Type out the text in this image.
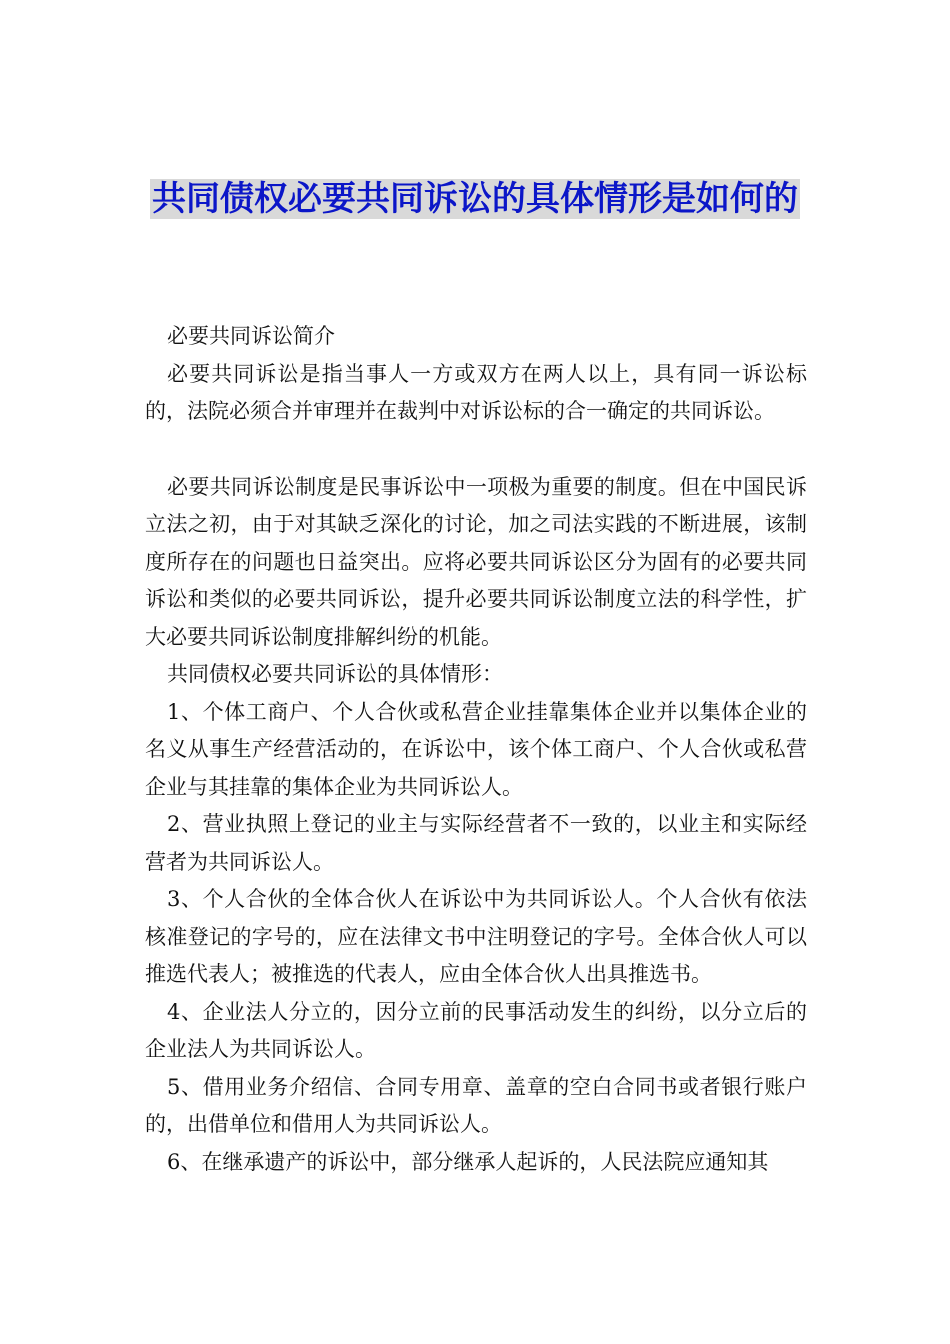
共同债权必要共同诉讼的具体情形是如何的

必要共同诉讼简介

必要共同诉讼是指当事人一方或双方在两人以上，具有同一诉讼标的，法院必须合并审理并在裁判中对诉讼标的合一确定的共同诉讼。

必要共同诉讼制度是民事诉讼中一项极为重要的制度。但在中国民诉立法之初，由于对其缺乏深化的讨论，加之司法实践的不断进展，该制度所存在的问题也日益突出。应将必要共同诉讼区分为固有的必要共同诉讼和类似的必要共同诉讼，提升必要共同诉讼制度立法的科学性，扩大必要共同诉讼制度排解纠纷的机能。

共同债权必要共同诉讼的具体情形：

1、个体工商户、个人合伙或私营企业挂靠集体企业并以集体企业的名义从事生产经营活动的，在诉讼中，该个体工商户、个人合伙或私营企业与其挂靠的集体企业为共同诉讼人。

2、营业执照上登记的业主与实际经营者不一致的，以业主和实际经营者为共同诉讼人。

3、个人合伙的全体合伙人在诉讼中为共同诉讼人。个人合伙有依法核准登记的字号的，应在法律文书中注明登记的字号。全体合伙人可以推选代表人；被推选的代表人，应由全体合伙人出具推选书。

4、企业法人分立的，因分立前的民事活动发生的纠纷，以分立后的企业法人为共同诉讼人。

5、借用业务介绍信、合同专用章、盖章的空白合同书或者银行账户的，出借单位和借用人为共同诉讼人。

6、在继承遗产的诉讼中，部分继承人起诉的，人民法院应通知其
